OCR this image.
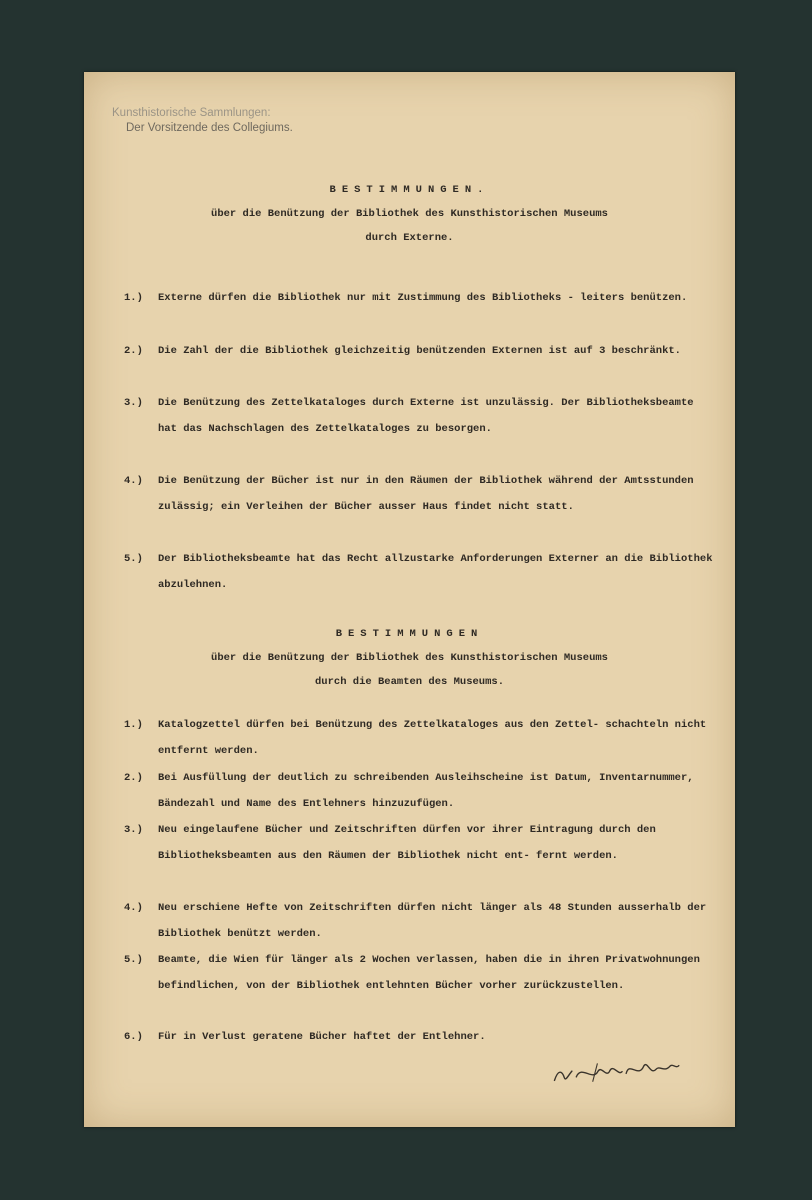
Kunsthistorische Sammlungen:
Der Vorsitzende des Collegiums.
BESTIMMUNGEN.
über die Benützung der Bibliothek des Kunsthistorischen Museums
durch Externe.
1.)	Externe dürfen die Bibliothek nur mit Zustimmung des Bibliotheks - leiters benützen.
2.)	Die Zahl der die Bibliothek gleichzeitig benützenden Externen ist auf 3 beschränkt.
3.)	Die Benützung des Zettelkataloges durch Externe ist unzulässig. Der Bibliotheksbeamte hat das Nachschlagen des Zettelkataloges zu besorgen.
4.)	Die Benützung der Bücher ist nur in den Räumen der Bibliothek während der Amtsstunden zulässig; ein Verleihen der Bücher ausser Haus findet nicht statt.
5.)	Der Bibliotheksbeamte hat das Recht allzustarke Anforderungen Externer an die Bibliothek abzulehnen.
BESTIMMUNGEN
über die Benützung der Bibliothek des Kunsthistorischen Museums
durch die Beamten des Museums.
1.)	Katalogzettel dürfen bei Benützung des Zettelkataloges aus den Zettel- schachteln nicht entfernt werden.
2.)	Bei Ausfüllung der deutlich zu schreibenden Ausleihscheine ist Datum, Inventarnummer, Bändezahl und Name des Entlehners hinzuzufügen.
3.)	Neu eingelaufene Bücher und Zeitschriften dürfen vor ihrer Eintragung durch den Bibliotheksbeamten aus den Räumen der Bibliothek nicht ent- fernt werden.
4.)	Neu erschiene Hefte von Zeitschriften dürfen nicht länger als 48 Stunden ausserhalb der Bibliothek benützt werden.
5.)	Beamte, die Wien für länger als 2 Wochen verlassen, haben die in ihren Privatwohnungen befindlichen, von der Bibliothek entlehnten Bücher vorher zurückzustellen.
6.)	Für in Verlust geratene Bücher haftet der Entlehner.
